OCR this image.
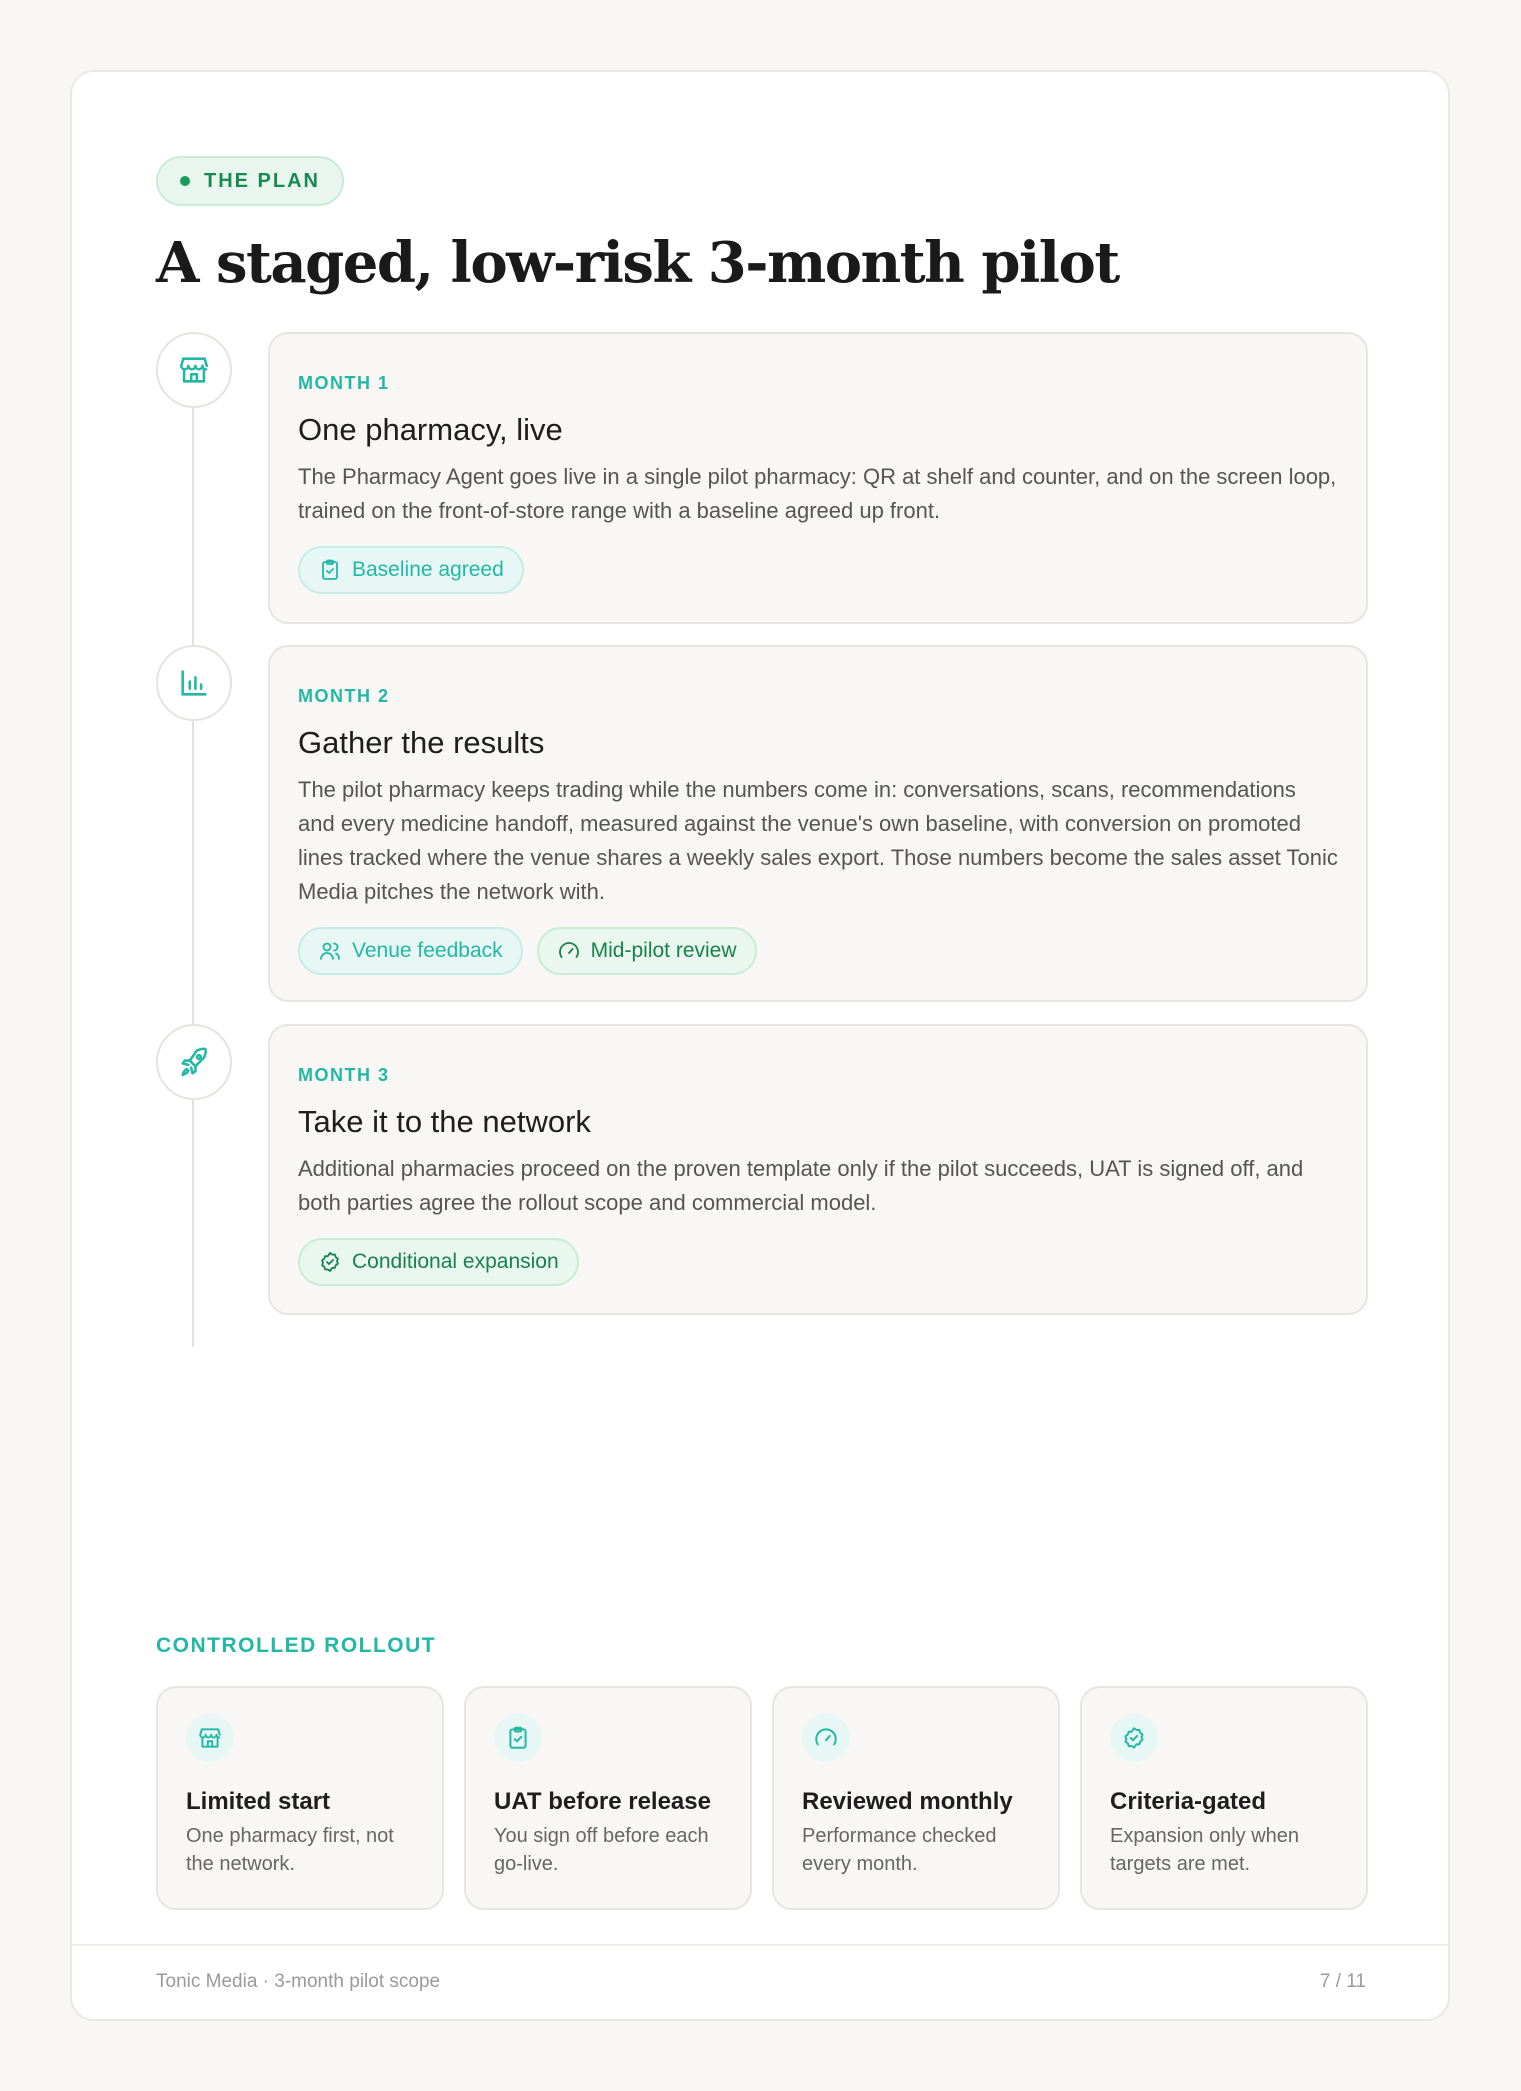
THE PLAN
A staged, low-risk 3-month pilot
MONTH 1
One pharmacy, live
The Pharmacy Agent goes live in a single pilot pharmacy: QR at shelf and counter, and on the screen loop, trained on the front-of-store range with a baseline agreed up front.
Baseline agreed
MONTH 2
Gather the results
The pilot pharmacy keeps trading while the numbers come in: conversations, scans, recommendations and every medicine handoff, measured against the venue's own baseline, with conversion on promoted lines tracked where the venue shares a weekly sales export. Those numbers become the sales asset Tonic Media pitches the network with.
Venue feedback	Mid-pilot review
MONTH 3
Take it to the network
Additional pharmacies proceed on the proven template only if the pilot succeeds, UAT is signed off, and both parties agree the rollout scope and commercial model.
Conditional expansion
CONTROLLED ROLLOUT
Limited start
One pharmacy first, not the network.
UAT before release
You sign off before each go-live.
Reviewed monthly
Performance checked every month.
Criteria-gated
Expansion only when targets are met.
Tonic Media · 3-month pilot scope	7 / 11
